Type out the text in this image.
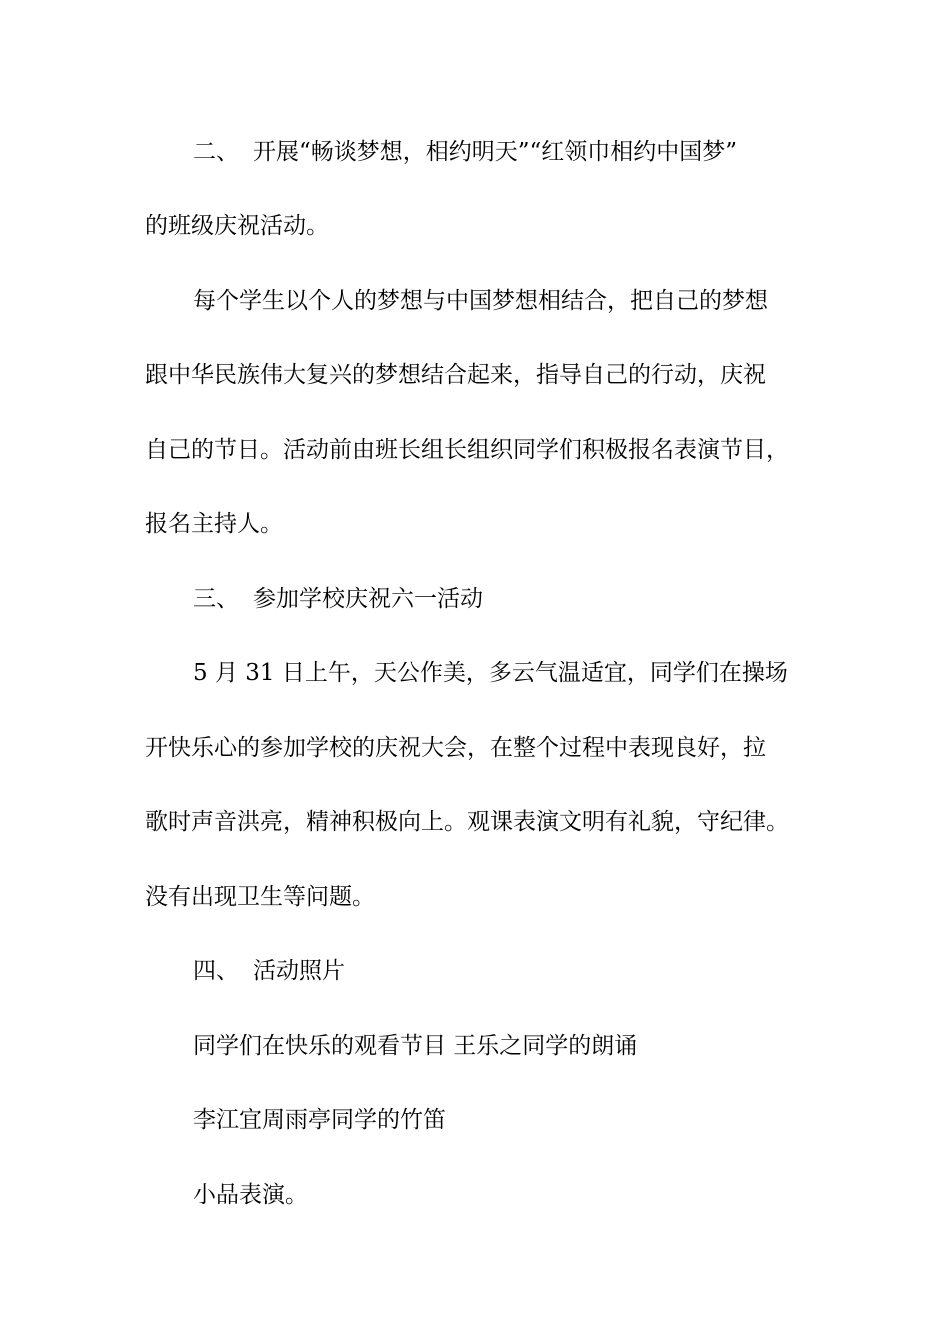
二、 开展“畅谈梦想，相约明天”“红领巾相约中国梦”
的班级庆祝活动。
每个学生以个人的梦想与中国梦想相结合，把自己的梦想
跟中华民族伟大复兴的梦想结合起来，指导自己的行动，庆祝
自己的节日。活动前由班长组长组织同学们积极报名表演节目，
报名主持人。
三、 参加学校庆祝六一活动
5 月 31 日上午，天公作美，多云气温适宜，同学们在操场
开快乐心的参加学校的庆祝大会，在整个过程中表现良好，拉
歌时声音洪亮，精神积极向上。观课表演文明有礼貌，守纪律。
没有出现卫生等问题。
四、 活动照片
同学们在快乐的观看节目 王乐之同学的朗诵
李江宜周雨亭同学的竹笛
小品表演。
